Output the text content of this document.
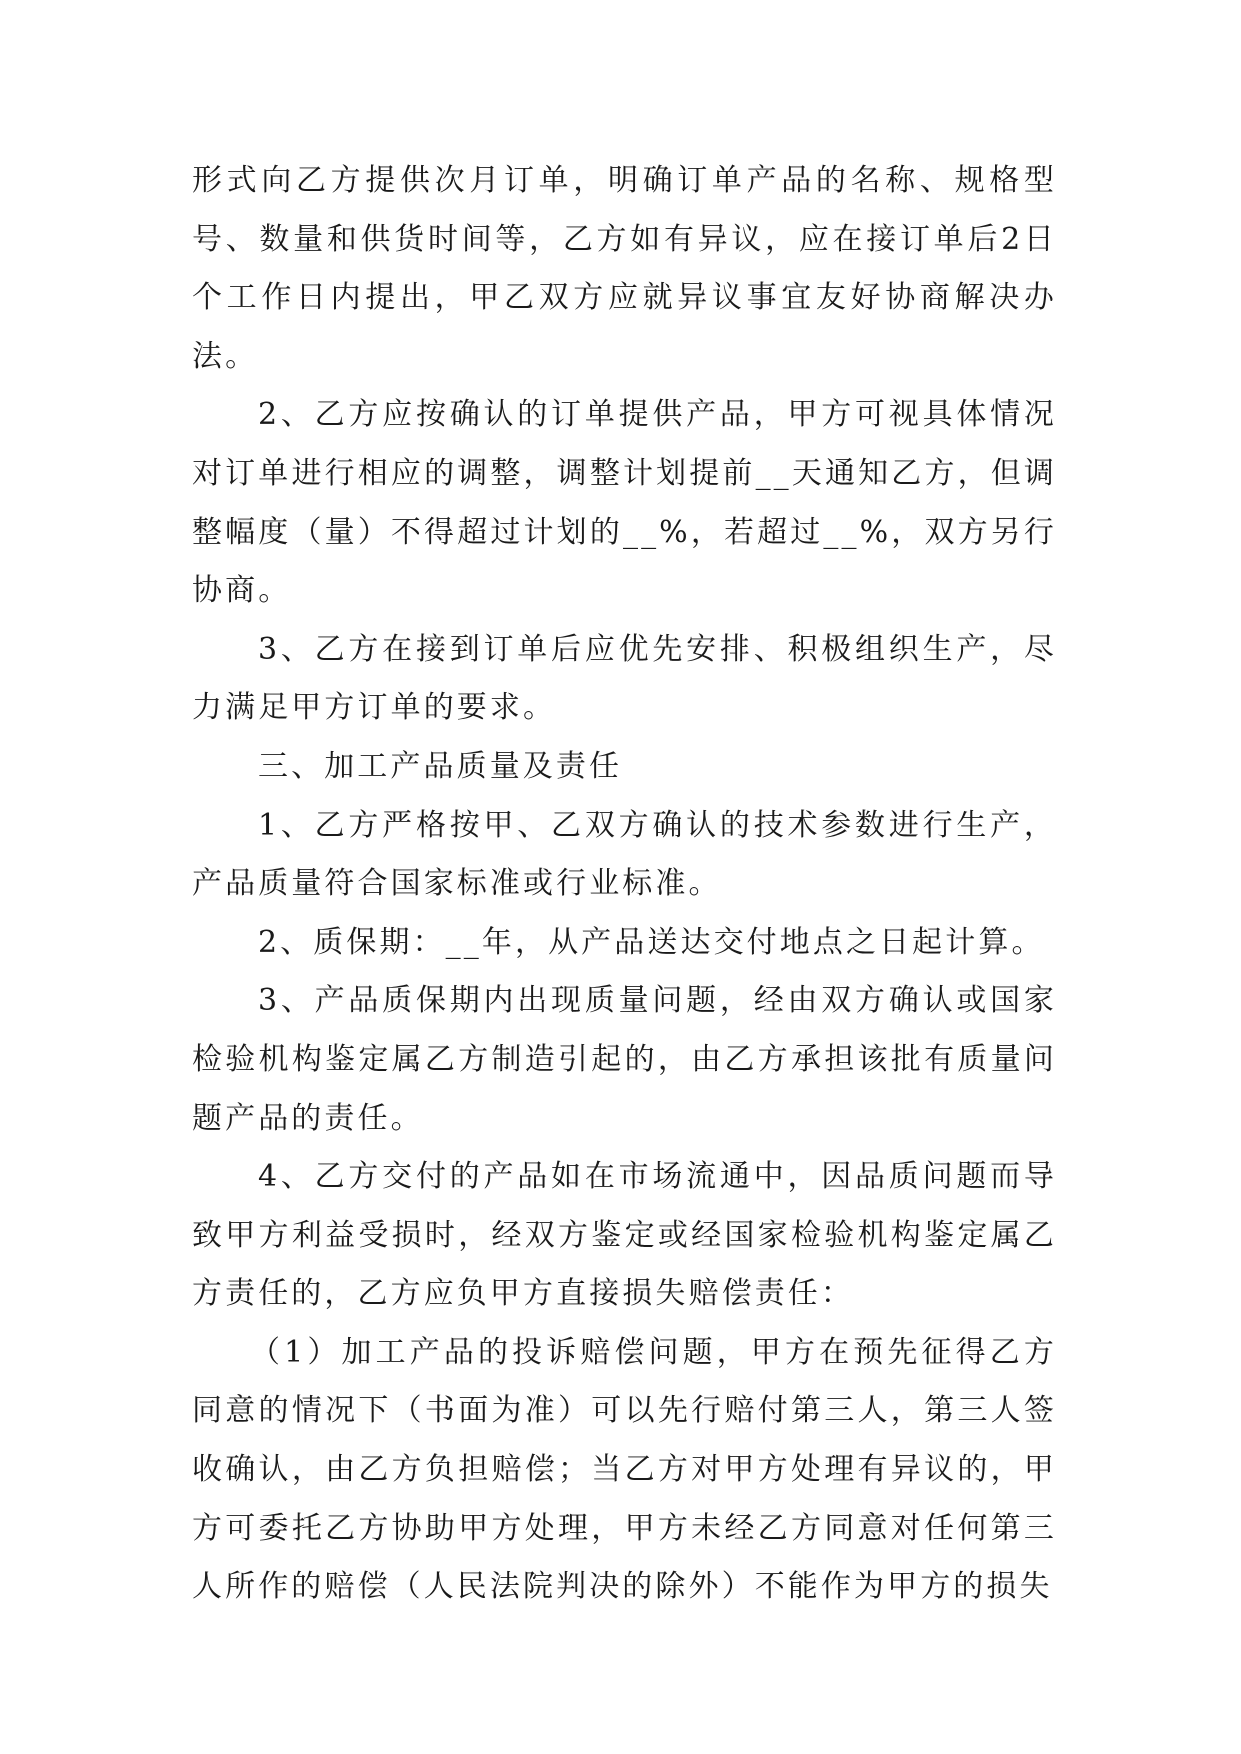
形式向乙方提供次月订单，明确订单产品的名称、规格型号、数量和供货时间等，乙方如有异议，应在接订单后2日个工作日内提出，甲乙双方应就异议事宜友好协商解决办法。

2、乙方应按确认的订单提供产品，甲方可视具体情况对订单进行相应的调整，调整计划提前__天通知乙方，但调整幅度（量）不得超过计划的__%，若超过__%，双方另行协商。

3、乙方在接到订单后应优先安排、积极组织生产，尽力满足甲方订单的要求。

三、加工产品质量及责任

1、乙方严格按甲、乙双方确认的技术参数进行生产，产品质量符合国家标准或行业标准。

2、质保期：__年，从产品送达交付地点之日起计算。

3、产品质保期内出现质量问题，经由双方确认或国家检验机构鉴定属乙方制造引起的，由乙方承担该批有质量问题产品的责任。

4、乙方交付的产品如在市场流通中，因品质问题而导致甲方利益受损时，经双方鉴定或经国家检验机构鉴定属乙方责任的，乙方应负甲方直接损失赔偿责任：

（1）加工产品的投诉赔偿问题，甲方在预先征得乙方同意的情况下（书面为准）可以先行赔付第三人，第三人签收确认，由乙方负担赔偿；当乙方对甲方处理有异议的，甲方可委托乙方协助甲方处理，甲方未经乙方同意对任何第三人所作的赔偿（人民法院判决的除外）不能作为甲方的损失
